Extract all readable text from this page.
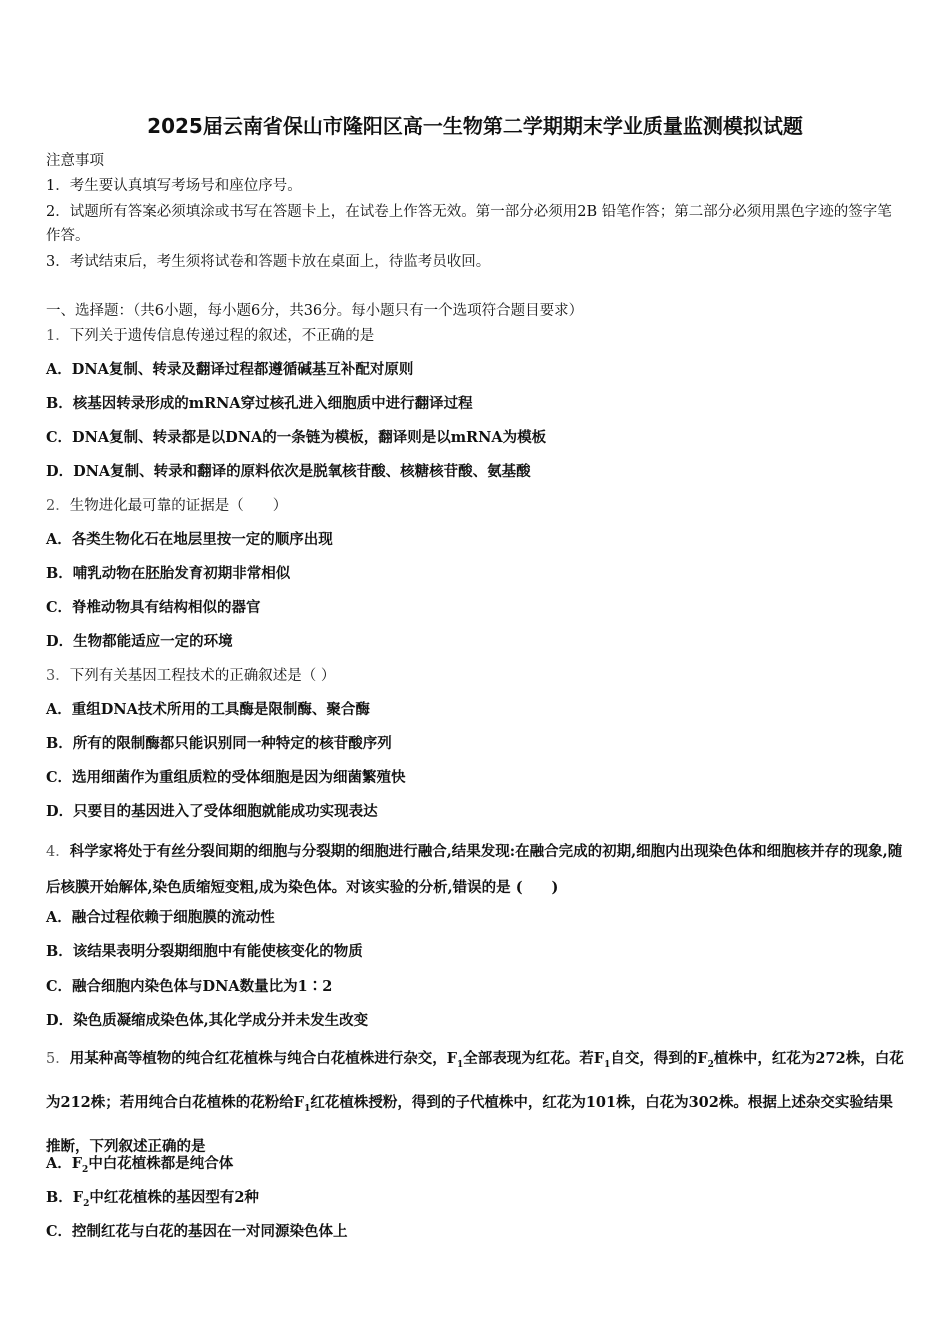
2025届云南省保山市隆阳区高一生物第二学期期末学业质量监测模拟试题
注意事项
1．考生要认真填写考场号和座位序号。
2．试题所有答案必须填涂或书写在答题卡上，在试卷上作答无效。第一部分必须用2B 铅笔作答；第二部分必须用黑色字迹的签字笔作答。
3．考试结束后，考生须将试卷和答题卡放在桌面上，待监考员收回。
一、选择题：（共6小题，每小题6分，共36分。每小题只有一个选项符合题目要求）
1．下列关于遗传信息传递过程的叙述，不正确的是
A．DNA复制、转录及翻译过程都遵循碱基互补配对原则
B．核基因转录形成的mRNA穿过核孔进入细胞质中进行翻译过程
C．DNA复制、转录都是以DNA的一条链为模板，翻译则是以mRNA为模板
D．DNA复制、转录和翻译的原料依次是脱氧核苷酸、核糖核苷酸、氨基酸
2．生物进化最可靠的证据是（　　）
A．各类生物化石在地层里按一定的顺序出现
B．哺乳动物在胚胎发育初期非常相似
C．脊椎动物具有结构相似的器官
D．生物都能适应一定的环境
3．下列有关基因工程技术的正确叙述是（ ）
A．重组DNA技术所用的工具酶是限制酶、聚合酶
B．所有的限制酶都只能识别同一种特定的核苷酸序列
C．选用细菌作为重组质粒的受体细胞是因为细菌繁殖快
D．只要目的基因进入了受体细胞就能成功实现表达
4．科学家将处于有丝分裂间期的细胞与分裂期的细胞进行融合,结果发现:在融合完成的初期,细胞内出现染色体和细胞核并存的现象,随后核膜开始解体,染色质缩短变粗,成为染色体。对该实验的分析,错误的是 (　　)
A．融合过程依赖于细胞膜的流动性
B．该结果表明分裂期细胞中有能使核变化的物质
C．融合细胞内染色体与DNA数量比为1∶2
D．染色质凝缩成染色体,其化学成分并未发生改变
5．用某种高等植物的纯合红花植株与纯合白花植株进行杂交，$F_1$全部表现为红花。若$F_1$自交，得到的$F_2$植株中，红花为272株，白花为212株；若用纯合白花植株的花粉给$F_1$红花植株授粉，得到的子代植株中，红花为101株，白花为302株。根据上述杂交实验结果推断，下列叙述正确的是
A．$F_2$中白花植株都是纯合体
B．$F_2$中红花植株的基因型有2种
C．控制红花与白花的基因在一对同源染色体上
